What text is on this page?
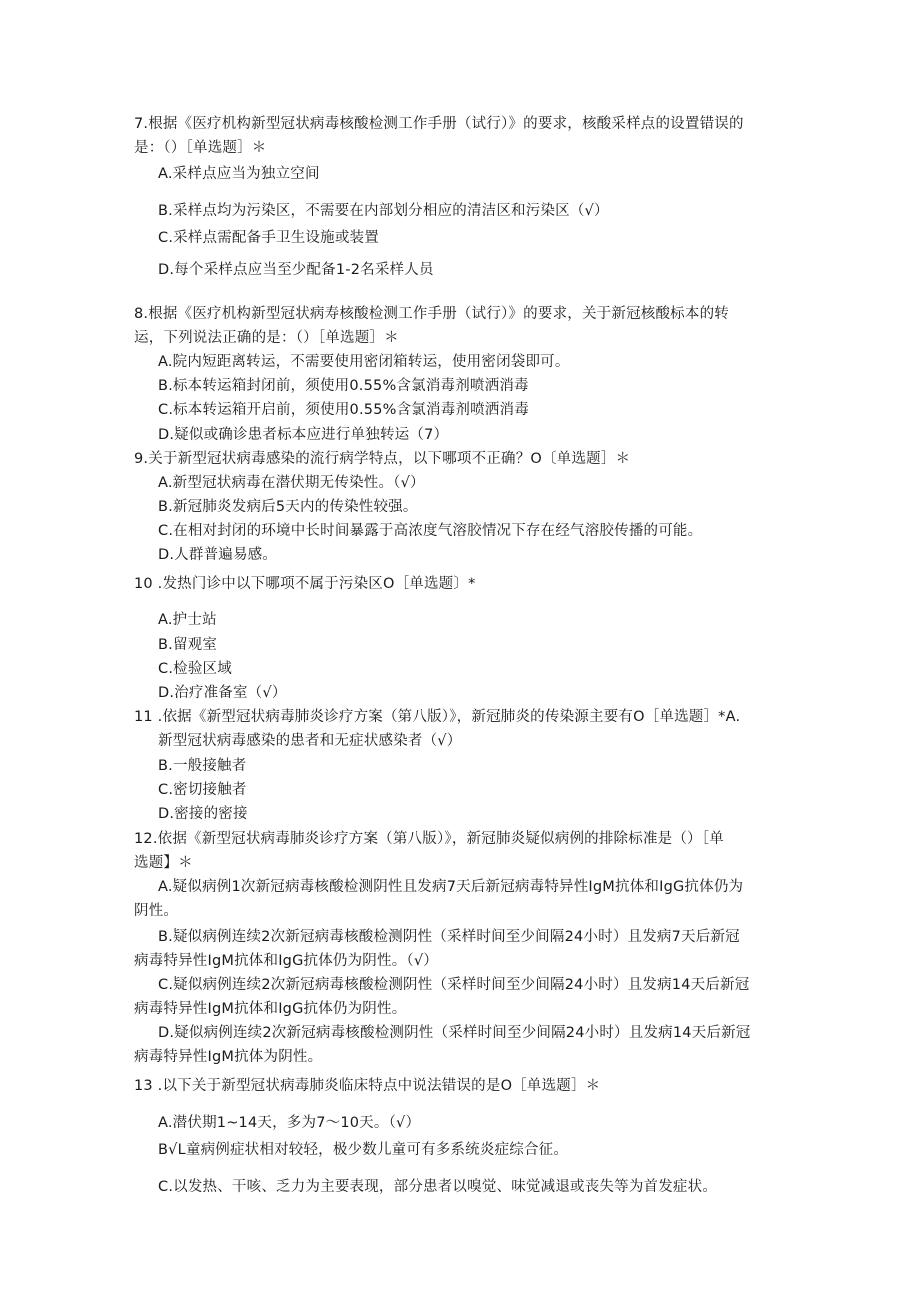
7.根据《医疗机构新型冠状病毒核酸检测工作手册（试行）》的要求，核酸采样点的设置错误的
是：（）［单选题］＊
A.采样点应当为独立空间
B.采样点均为污染区，不需要在内部划分相应的清洁区和污染区（√）
C.采样点需配备手卫生设施或装置
D.每个采样点应当至少配备1-2名采样人员
8.根据《医疗机构新型冠状病寿核酸检测工作手册（试行）》的要求，关于新冠核酸标本的转
运，下列说法正确的是：（）［单选题］＊
A.院内短距离转运，不需要使用密闭箱转运，使用密闭袋即可。
B.标本转运箱封闭前，须使用0.55%含氯消毒剂喷洒消毒
C.标本转运箱开启前，须使用0.55%含氯消毒剂喷洒消毒
D.疑似或确诊患者标本应进行单独转运（7）
9.关于新型冠状病毒感染的流行病学特点，以下哪项不正确？O〔单选题］＊
A.新型冠状病毒在潜伏期无传染性。（√）
B.新冠肺炎发病后5天内的传染性较强。
C.在相对封闭的环境中长时间暴露于高浓度气溶胶情况下存在经气溶胶传播的可能。
D.人群普遍易感。
10 .发热门诊中以下哪项不属于污染区O［单选题〕*
A.护士站
B.留观室
C.检验区域
D.治疗准备室（√）
11 .依据《新型冠状病毒肺炎诊疗方案（第八版）》，新冠肺炎的传染源主要有O［单选题］*A.
新型冠状病毒感染的患者和无症状感染者（√）
B.一般接触者
C.密切接触者
D.密接的密接
12.依据《新型冠状病毒肺炎诊疗方案（第八版）》，新冠肺炎疑似病例的排除标准是（）［单
选题】＊
A.疑似病例1次新冠病毒核酸检测阴性且发病7天后新冠病毒特异性IgM抗体和IgG抗体仍为
阴性。
B.疑似病例连续2次新冠病毒核酸检测阴性（采样时间至少间隔24小时）且发病7天后新冠
病毒特异性IgM抗体和IgG抗体仍为阴性。（√）
C.疑似病例连续2次新冠病毒核酸检测阴性（采样时间至少间隔24小时）且发病14天后新冠
病毒特异性IgM抗体和IgG抗体仍为阴性。
D.疑似病例连续2次新冠病毒核酸检测阴性（采样时间至少间隔24小时）且发病14天后新冠
病毒特异性IgM抗体为阴性。
13 .以下关于新型冠状病毒肺炎临床特点中说法错误的是O［单选题］＊
A.潜伏期1~14天，多为7～10天。（√）
B√L童病例症状相对较轻，极少数儿童可有多系统炎症综合征。
C.以发热、干咳、乏力为主要表现，部分患者以嗅觉、味觉减退或丧失等为首发症状。
